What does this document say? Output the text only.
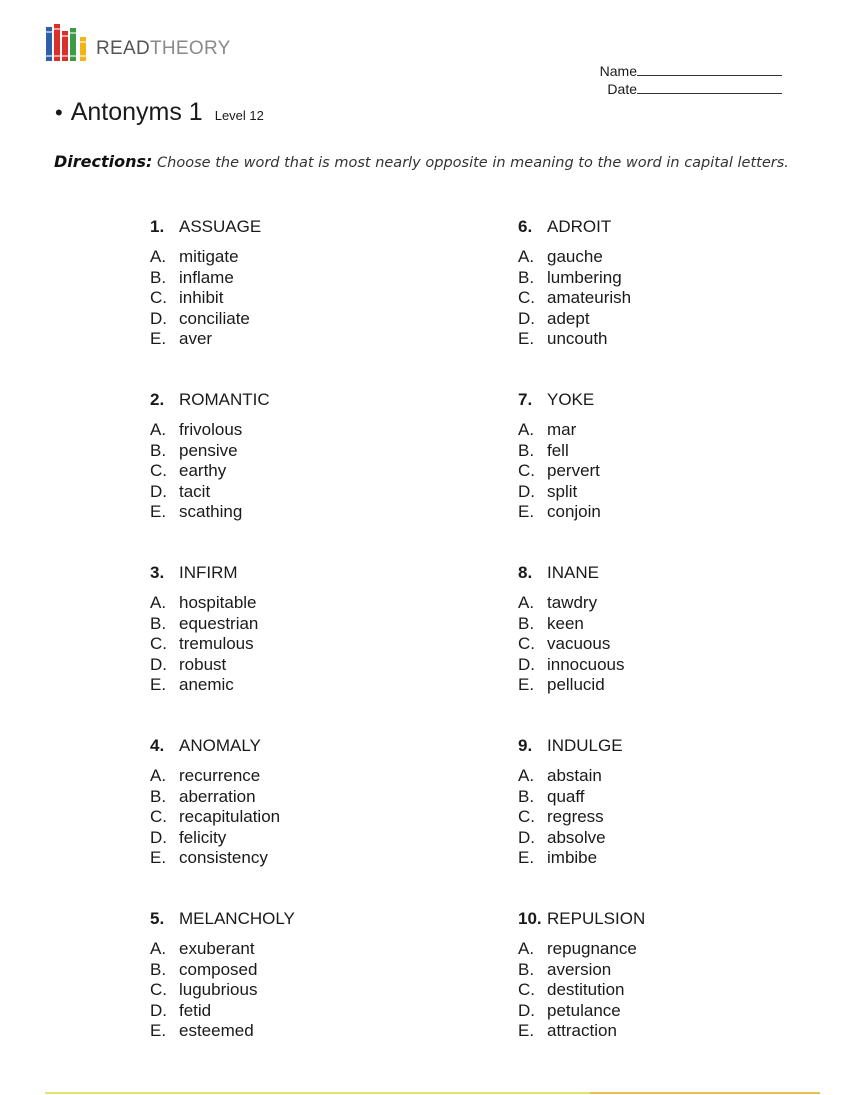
READTHEORY
Name
Date
• Antonyms 1 Level 12
Directions: Choose the word that is most nearly opposite in meaning to the word in capital letters.
1. ASSUAGE
A. mitigate
B. inflame
C. inhibit
D. conciliate
E. aver
2. ROMANTIC
A. frivolous
B. pensive
C. earthy
D. tacit
E. scathing
3. INFIRM
A. hospitable
B. equestrian
C. tremulous
D. robust
E. anemic
4. ANOMALY
A. recurrence
B. aberration
C. recapitulation
D. felicity
E. consistency
5. MELANCHOLY
A. exuberant
B. composed
C. lugubrious
D. fetid
E. esteemed
6. ADROIT
A. gauche
B. lumbering
C. amateurish
D. adept
E. uncouth
7. YOKE
A. mar
B. fell
C. pervert
D. split
E. conjoin
8. INANE
A. tawdry
B. keen
C. vacuous
D. innocuous
E. pellucid
9. INDULGE
A. abstain
B. quaff
C. regress
D. absolve
E. imbibe
10. REPULSION
A. repugnance
B. aversion
C. destitution
D. petulance
E. attraction
